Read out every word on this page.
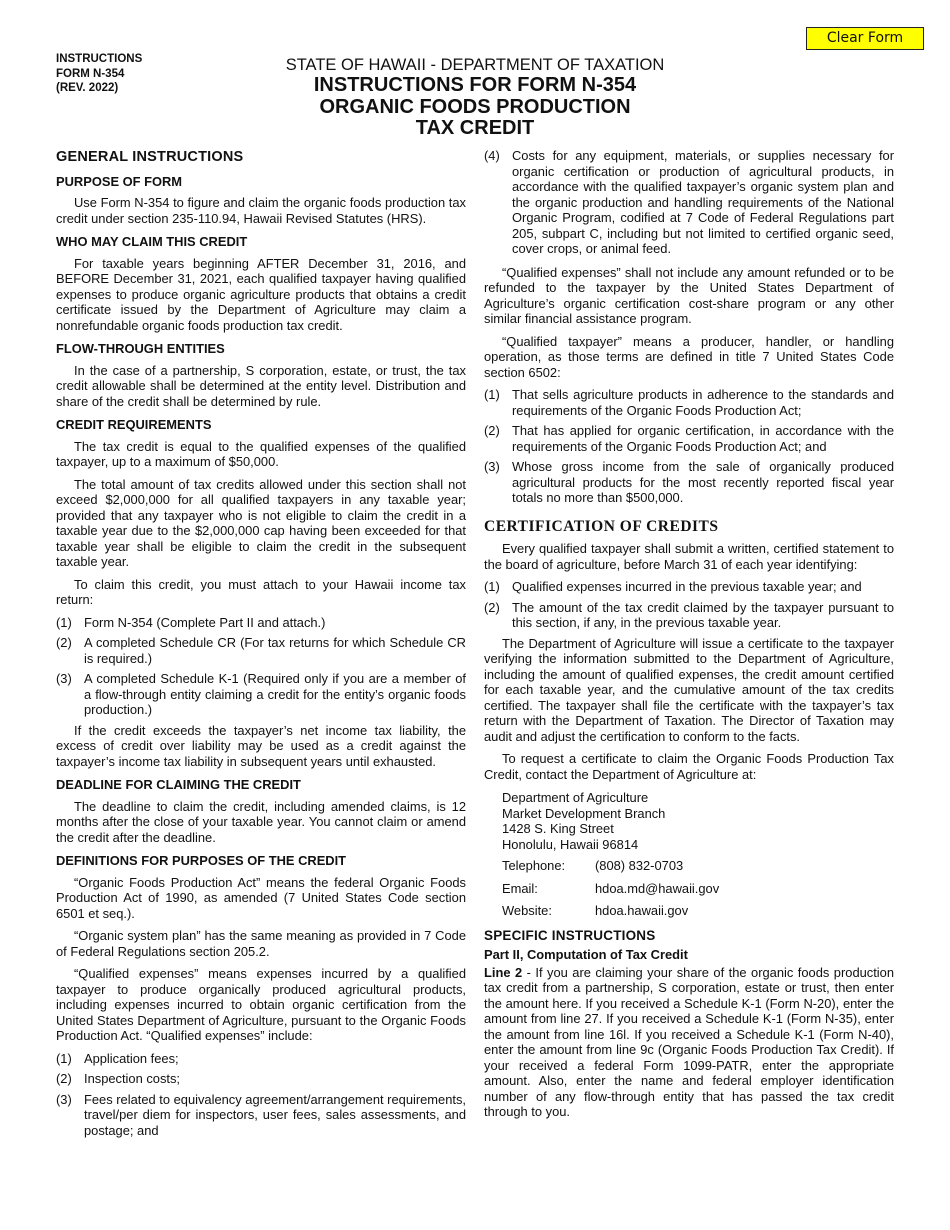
INSTRUCTIONS
FORM N-354
(REV. 2022)
Clear Form
STATE OF HAWAII - DEPARTMENT OF TAXATION
INSTRUCTIONS FOR FORM N-354
ORGANIC FOODS PRODUCTION
TAX CREDIT
GENERAL INSTRUCTIONS
PURPOSE OF FORM

Use Form N-354 to figure and claim the organic foods production tax credit under section 235-110.94, Hawaii Revised Statutes (HRS).

WHO MAY CLAIM THIS CREDIT

For taxable years beginning AFTER December 31, 2016, and BEFORE December 31, 2021, each qualified taxpayer having qualified expenses to produce organic agriculture products that obtains a credit certificate issued by the Department of Agriculture may claim a nonrefundable organic foods production tax credit.

FLOW-THROUGH ENTITIES

In the case of a partnership, S corporation, estate, or trust, the tax credit allowable shall be determined at the entity level. Distribution and share of the credit shall be determined by rule.

CREDIT REQUIREMENTS

The tax credit is equal to the qualified expenses of the qualified taxpayer, up to a maximum of $50,000.

The total amount of tax credits allowed under this section shall not exceed $2,000,000 for all qualified taxpayers in any taxable year; provided that any taxpayer who is not eligible to claim the credit in a taxable year due to the $2,000,000 cap having been exceeded for that taxable year shall be eligible to claim the credit in the subsequent taxable year.

To claim this credit, you must attach to your Hawaii income tax return:

(1) Form N-354 (Complete Part II and attach.)
(2) A completed Schedule CR (For tax returns for which Schedule CR is required.)
(3) A completed Schedule K-1 (Required only if you are a member of a flow-through entity claiming a credit for the entity’s organic foods production.)

If the credit exceeds the taxpayer’s net income tax liability, the excess of credit over liability may be used as a credit against the taxpayer’s income tax liability in subsequent years until exhausted.

DEADLINE FOR CLAIMING THE CREDIT

The deadline to claim the credit, including amended claims, is 12 months after the close of your taxable year. You cannot claim or amend the credit after the deadline.

DEFINITIONS FOR PURPOSES OF THE CREDIT

“Organic Foods Production Act” means the federal Organic Foods Production Act of 1990, as amended (7 United States Code section 6501 et seq.).

“Organic system plan” has the same meaning as provided in 7 Code of Federal Regulations section 205.2.

“Qualified expenses” means expenses incurred by a qualified taxpayer to produce organically produced agricultural products, including expenses incurred to obtain organic certification from the United States Department of Agriculture, pursuant to the Organic Foods Production Act. “Qualified expenses” include:

(1) Application fees;
(2) Inspection costs;
(3) Fees related to equivalency agreement/arrangement requirements, travel/per diem for inspectors, user fees, sales assessments, and postage; and
(4) Costs for any equipment, materials, or supplies necessary for organic certification or production of agricultural products, in accordance with the qualified taxpayer’s organic system plan and the organic production and handling requirements of the National Organic Program, codified at 7 Code of Federal Regulations part 205, subpart C, including but not limited to certified organic seed, cover crops, or animal feed.

“Qualified expenses” shall not include any amount refunded or to be refunded to the taxpayer by the United States Department of Agriculture’s organic certification cost-share program or any other similar financial assistance program.

“Qualified taxpayer” means a producer, handler, or handling operation, as those terms are defined in title 7 United States Code section 6502:

(1) That sells agriculture products in adherence to the standards and requirements of the Organic Foods Production Act;
(2) That has applied for organic certification, in accordance with the requirements of the Organic Foods Production Act; and
(3) Whose gross income from the sale of organically produced agricultural products for the most recently reported fiscal year totals no more than $500,000.
CERTIFICATION OF CREDITS

Every qualified taxpayer shall submit a written, certified statement to the board of agriculture, before March 31 of each year identifying:

(1) Qualified expenses incurred in the previous taxable year; and
(2) The amount of the tax credit claimed by the taxpayer pursuant to this section, if any, in the previous taxable year.

The Department of Agriculture will issue a certificate to the taxpayer verifying the information submitted to the Department of Agriculture, including the amount of qualified expenses, the credit amount certified for each taxable year, and the cumulative amount of the tax credits certified. The taxpayer shall file the certificate with the taxpayer’s tax return with the Department of Taxation. The Director of Taxation may audit and adjust the certification to conform to the facts.

To request a certificate to claim the Organic Foods Production Tax Credit, contact the Department of Agriculture at:

Department of Agriculture
Market Development Branch
1428 S. King Street
Honolulu, Hawaii 96814
Telephone:	(808) 832-0703
Email:	hdoa.md@hawaii.gov
Website:	hdoa.hawaii.gov
SPECIFIC INSTRUCTIONS
Part II, Computation of Tax Credit

Line 2 - If you are claiming your share of the organic foods production tax credit from a partnership, S corporation, estate or trust, then enter the amount here. If you received a Schedule K-1 (Form N-20), enter the amount from line 27. If you received a Schedule K-1 (Form N-35), enter the amount from line 16l. If you received a Schedule K-1 (Form N-40), enter the amount from line 9c (Organic Foods Production Tax Credit). If your received a federal Form 1099-PATR, enter the appropriate amount. Also, enter the name and federal employer identification number of any flow-through entity that has passed the tax credit through to you.
